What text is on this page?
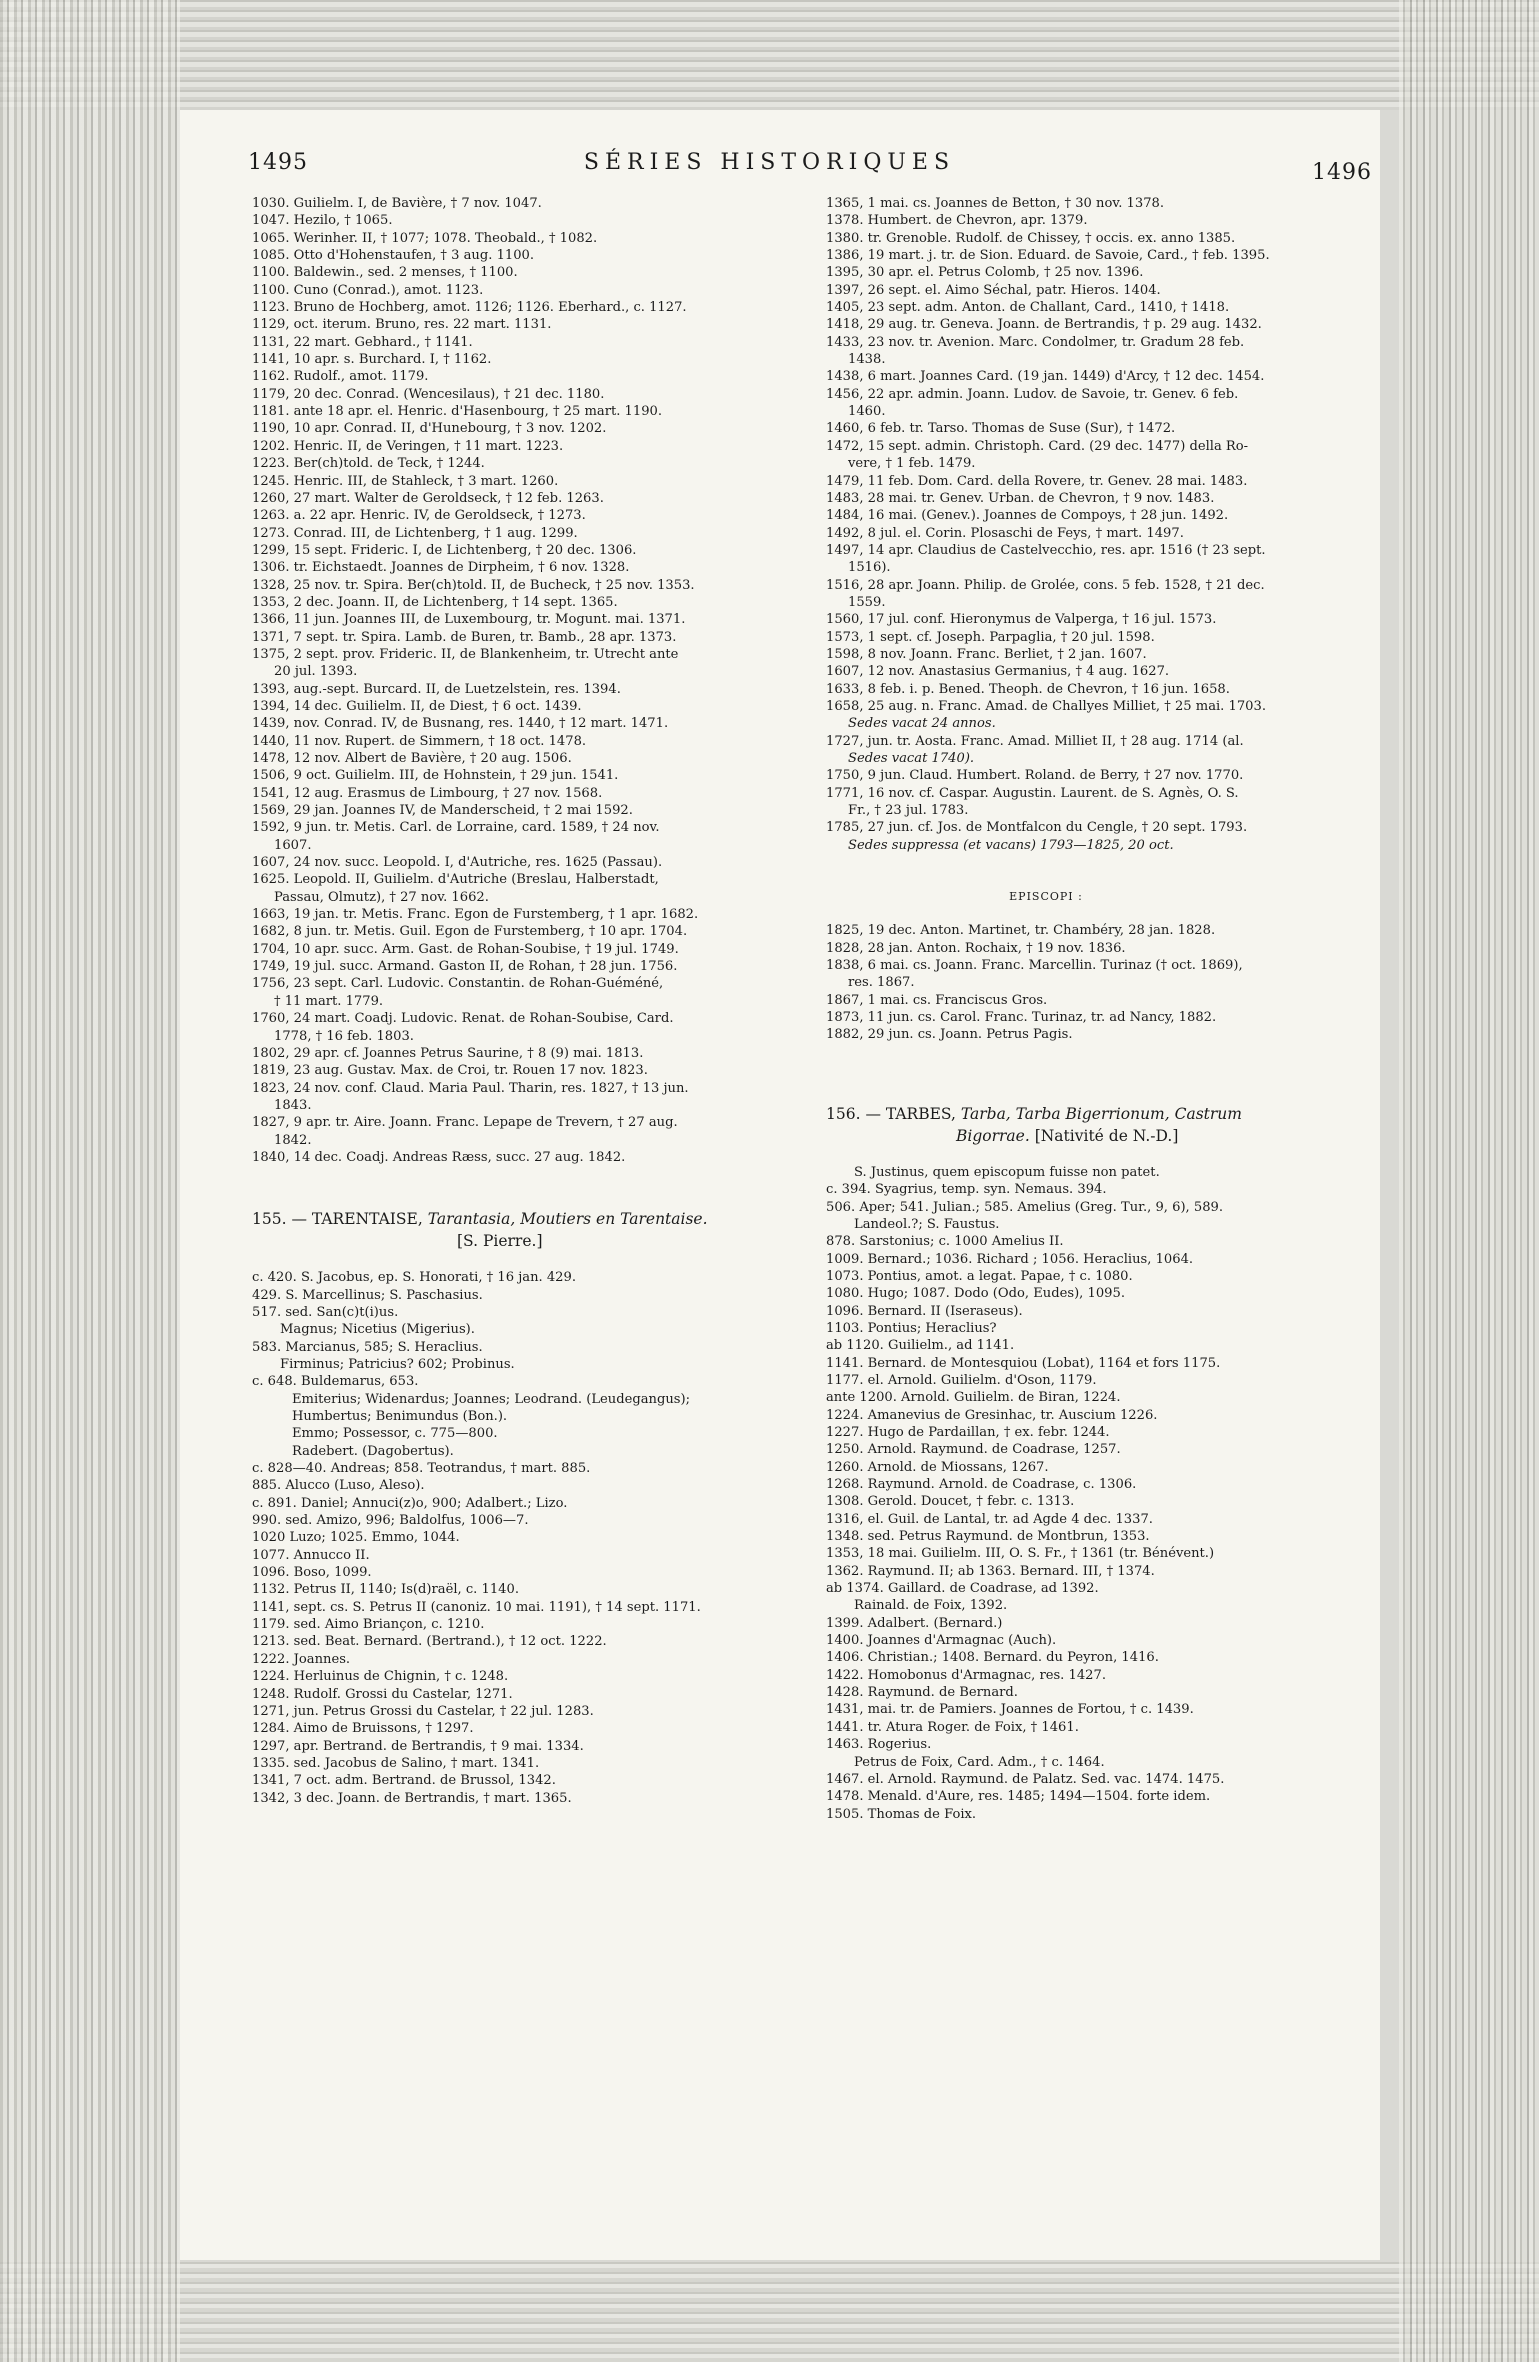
1495	SÉRIES HISTORIQUES	1496
1030. Guilielm. I, de Bavière, † 7 nov. 1047.
1047. Hezilo, † 1065.
1065. Werinher. II, † 1077; 1078. Theobald., † 1082.
1085. Otto d'Hohenstaufen, † 3 aug. 1100.
1100. Baldewin., sed. 2 menses, † 1100.
1100. Cuno (Conrad.), amot. 1123.
1123. Bruno de Hochberg, amot. 1126; 1126. Eberhard., c. 1127.
1129, oct. iterum. Bruno, res. 22 mart. 1131.
1131, 22 mart. Gebhard., † 1141.
1141, 10 apr. s. Burchard. I, † 1162.
1162. Rudolf., amot. 1179.
1179, 20 dec. Conrad. (Wencesilaus), † 21 dec. 1180.
1181. ante 18 apr. el. Henric. d'Hasenbourg, † 25 mart. 1190.
1190, 10 apr. Conrad. II, d'Hunebourg, † 3 nov. 1202.
1202. Henric. II, de Veringen, † 11 mart. 1223.
1223. Ber(ch)told. de Teck, † 1244.
1245. Henric. III, de Stahleck, † 3 mart. 1260.
1260, 27 mart. Walter de Geroldseck, † 12 feb. 1263.
1263. a. 22 apr. Henric. IV, de Geroldseck, † 1273.
1273. Conrad. III, de Lichtenberg, † 1 aug. 1299.
1299, 15 sept. Frideric. I, de Lichtenberg, † 20 dec. 1306.
1306. tr. Eichstaedt. Joannes de Dirpheim, † 6 nov. 1328.
1328, 25 nov. tr. Spira. Ber(ch)told. II, de Bucheck, † 25 nov. 1353.
1353, 2 dec. Joann. II, de Lichtenberg, † 14 sept. 1365.
1366, 11 jun. Joannes III, de Luxembourg, tr. Mogunt. mai. 1371.
1371, 7 sept. tr. Spira. Lamb. de Buren, tr. Bamb., 28 apr. 1373.
1375, 2 sept. prov. Frideric. II, de Blankenheim, tr. Utrecht ante
20 jul. 1393.
1393, aug.-sept. Burcard. II, de Luetzelstein, res. 1394.
1394, 14 dec. Guilielm. II, de Diest, † 6 oct. 1439.
1439, nov. Conrad. IV, de Busnang, res. 1440, † 12 mart. 1471.
1440, 11 nov. Rupert. de Simmern, † 18 oct. 1478.
1478, 12 nov. Albert de Bavière, † 20 aug. 1506.
1506, 9 oct. Guilielm. III, de Hohnstein, † 29 jun. 1541.
1541, 12 aug. Erasmus de Limbourg, † 27 nov. 1568.
1569, 29 jan. Joannes IV, de Manderscheid, † 2 mai 1592.
1592, 9 jun. tr. Metis. Carl. de Lorraine, card. 1589, † 24 nov.
1607.
1607, 24 nov. succ. Leopold. I, d'Autriche, res. 1625 (Passau).
1625. Leopold. II, Guilielm. d'Autriche (Breslau, Halberstadt,
Passau, Olmutz), † 27 nov. 1662.
1663, 19 jan. tr. Metis. Franc. Egon de Furstemberg, † 1 apr. 1682.
1682, 8 jun. tr. Metis. Guil. Egon de Furstemberg, † 10 apr. 1704.
1704, 10 apr. succ. Arm. Gast. de Rohan-Soubise, † 19 jul. 1749.
1749, 19 jul. succ. Armand. Gaston II, de Rohan, † 28 jun. 1756.
1756, 23 sept. Carl. Ludovic. Constantin. de Rohan-Guéméné,
† 11 mart. 1779.
1760, 24 mart. Coadj. Ludovic. Renat. de Rohan-Soubise, Card.
1778, † 16 feb. 1803.
1802, 29 apr. cf. Joannes Petrus Saurine, † 8 (9) mai. 1813.
1819, 23 aug. Gustav. Max. de Croi, tr. Rouen 17 nov. 1823.
1823, 24 nov. conf. Claud. Maria Paul. Tharin, res. 1827, † 13 jun.
1843.
1827, 9 apr. tr. Aire. Joann. Franc. Lepape de Trevern, † 27 aug.
1842.
1840, 14 dec. Coadj. Andreas Ræss, succ. 27 aug. 1842.
155. — TARENTAISE, Tarantasia, Moutiers en Tarentaise.
[S. Pierre.]
c. 420. S. Jacobus, ep. S. Honorati, † 16 jan. 429.
429. S. Marcellinus; S. Paschasius.
517. sed. San(c)t(i)us.
Magnus; Nicetius (Migerius).
583. Marcianus, 585; S. Heraclius.
Firminus; Patricius? 602; Probinus.
c. 648. Buldemarus, 653.
Emiterius; Widenardus; Joannes; Leodrand. (Leudegangus);
Humbertus; Benimundus (Bon.).
Emmo; Possessor, c. 775—800.
Radebert. (Dagobertus).
c. 828—40. Andreas; 858. Teotrandus, † mart. 885.
885. Alucco (Luso, Aleso).
c. 891. Daniel; Annuci(z)o, 900; Adalbert.; Lizo.
990. sed. Amizo, 996; Baldolfus, 1006—7.
1020 Luzo; 1025. Emmo, 1044.
1077. Annucco II.
1096. Boso, 1099.
1132. Petrus II, 1140; Is(d)raël, c. 1140.
1141, sept. cs. S. Petrus II (canoniz. 10 mai. 1191), † 14 sept. 1171.
1179. sed. Aimo Briançon, c. 1210.
1213. sed. Beat. Bernard. (Bertrand.), † 12 oct. 1222.
1222. Joannes.
1224. Herluinus de Chignin, † c. 1248.
1248. Rudolf. Grossi du Castelar, 1271.
1271, jun. Petrus Grossi du Castelar, † 22 jul. 1283.
1284. Aimo de Bruissons, † 1297.
1297, apr. Bertrand. de Bertrandis, † 9 mai. 1334.
1335. sed. Jacobus de Salino, † mart. 1341.
1341, 7 oct. adm. Bertrand. de Brussol, 1342.
1342, 3 dec. Joann. de Bertrandis, † mart. 1365.
1365, 1 mai. cs. Joannes de Betton, † 30 nov. 1378.
1378. Humbert. de Chevron, apr. 1379.
1380. tr. Grenoble. Rudolf. de Chissey, † occis. ex. anno 1385.
1386, 19 mart. j. tr. de Sion. Eduard. de Savoie, Card., † feb. 1395.
1395, 30 apr. el. Petrus Colomb, † 25 nov. 1396.
1397, 26 sept. el. Aimo Séchal, patr. Hieros. 1404.
1405, 23 sept. adm. Anton. de Challant, Card., 1410, † 1418.
1418, 29 aug. tr. Geneva. Joann. de Bertrandis, † p. 29 aug. 1432.
1433, 23 nov. tr. Avenion. Marc. Condolmer, tr. Gradum 28 feb.
1438.
1438, 6 mart. Joannes Card. (19 jan. 1449) d'Arcy, † 12 dec. 1454.
1456, 22 apr. admin. Joann. Ludov. de Savoie, tr. Genev. 6 feb.
1460.
1460, 6 feb. tr. Tarso. Thomas de Suse (Sur), † 1472.
1472, 15 sept. admin. Christoph. Card. (29 dec. 1477) della Ro-
vere, † 1 feb. 1479.
1479, 11 feb. Dom. Card. della Rovere, tr. Genev. 28 mai. 1483.
1483, 28 mai. tr. Genev. Urban. de Chevron, † 9 nov. 1483.
1484, 16 mai. (Genev.). Joannes de Compoys, † 28 jun. 1492.
1492, 8 jul. el. Corin. Plosaschi de Feys, † mart. 1497.
1497, 14 apr. Claudius de Castelvecchio, res. apr. 1516 († 23 sept.
1516).
1516, 28 apr. Joann. Philip. de Grolée, cons. 5 feb. 1528, † 21 dec.
1559.
1560, 17 jul. conf. Hieronymus de Valperga, † 16 jul. 1573.
1573, 1 sept. cf. Joseph. Parpaglia, † 20 jul. 1598.
1598, 8 nov. Joann. Franc. Berliet, † 2 jan. 1607.
1607, 12 nov. Anastasius Germanius, † 4 aug. 1627.
1633, 8 feb. i. p. Bened. Theoph. de Chevron, † 16 jun. 1658.
1658, 25 aug. n. Franc. Amad. de Challyes Milliet, † 25 mai. 1703.
Sedes vacat 24 annos.
1727, jun. tr. Aosta. Franc. Amad. Milliet II, † 28 aug. 1714 (al.
Sedes vacat 1740).
1750, 9 jun. Claud. Humbert. Roland. de Berry, † 27 nov. 1770.
1771, 16 nov. cf. Caspar. Augustin. Laurent. de S. Agnès, O. S.
Fr., † 23 jul. 1783.
1785, 27 jun. cf. Jos. de Montfalcon du Cengle, † 20 sept. 1793.
Sedes suppressa (et vacans) 1793—1825, 20 oct.
EPISCOPI :
1825, 19 dec. Anton. Martinet, tr. Chambéry, 28 jan. 1828.
1828, 28 jan. Anton. Rochaix, † 19 nov. 1836.
1838, 6 mai. cs. Joann. Franc. Marcellin. Turinaz († oct. 1869),
res. 1867.
1867, 1 mai. cs. Franciscus Gros.
1873, 11 jun. cs. Carol. Franc. Turinaz, tr. ad Nancy, 1882.
1882, 29 jun. cs. Joann. Petrus Pagis.
156. — TARBES, Tarba, Tarba Bigerrionum, Castrum
Bigorrae. [Nativité de N.-D.]
S. Justinus, quem episcopum fuisse non patet.
c. 394. Syagrius, temp. syn. Nemaus. 394.
506. Aper; 541. Julian.; 585. Amelius (Greg. Tur., 9, 6), 589.
Landeol.?; S. Faustus.
878. Sarstonius; c. 1000 Amelius II.
1009. Bernard.; 1036. Richard ; 1056. Heraclius, 1064.
1073. Pontius, amot. a legat. Papae, † c. 1080.
1080. Hugo; 1087. Dodo (Odo, Eudes), 1095.
1096. Bernard. II (Iseraseus).
1103. Pontius; Heraclius?
ab 1120. Guilielm., ad 1141.
1141. Bernard. de Montesquiou (Lobat), 1164 et fors 1175.
1177. el. Arnold. Guilielm. d'Oson, 1179.
ante 1200. Arnold. Guilielm. de Biran, 1224.
1224. Amanevius de Gresinhac, tr. Auscium 1226.
1227. Hugo de Pardaillan, † ex. febr. 1244.
1250. Arnold. Raymund. de Coadrase, 1257.
1260. Arnold. de Miossans, 1267.
1268. Raymund. Arnold. de Coadrase, c. 1306.
1308. Gerold. Doucet, † febr. c. 1313.
1316, el. Guil. de Lantal, tr. ad Agde 4 dec. 1337.
1348. sed. Petrus Raymund. de Montbrun, 1353.
1353, 18 mai. Guilielm. III, O. S. Fr., † 1361 (tr. Bénévent.)
1362. Raymund. II; ab 1363. Bernard. III, † 1374.
ab 1374. Gaillard. de Coadrase, ad 1392.
Rainald. de Foix, 1392.
1399. Adalbert. (Bernard.)
1400. Joannes d'Armagnac (Auch).
1406. Christian.; 1408. Bernard. du Peyron, 1416.
1422. Homobonus d'Armagnac, res. 1427.
1428. Raymund. de Bernard.
1431, mai. tr. de Pamiers. Joannes de Fortou, † c. 1439.
1441. tr. Atura Roger. de Foix, † 1461.
1463. Rogerius.
Petrus de Foix, Card. Adm., † c. 1464.
1467. el. Arnold. Raymund. de Palatz. Sed. vac. 1474. 1475.
1478. Menald. d'Aure, res. 1485; 1494—1504. forte idem.
1505. Thomas de Foix.
